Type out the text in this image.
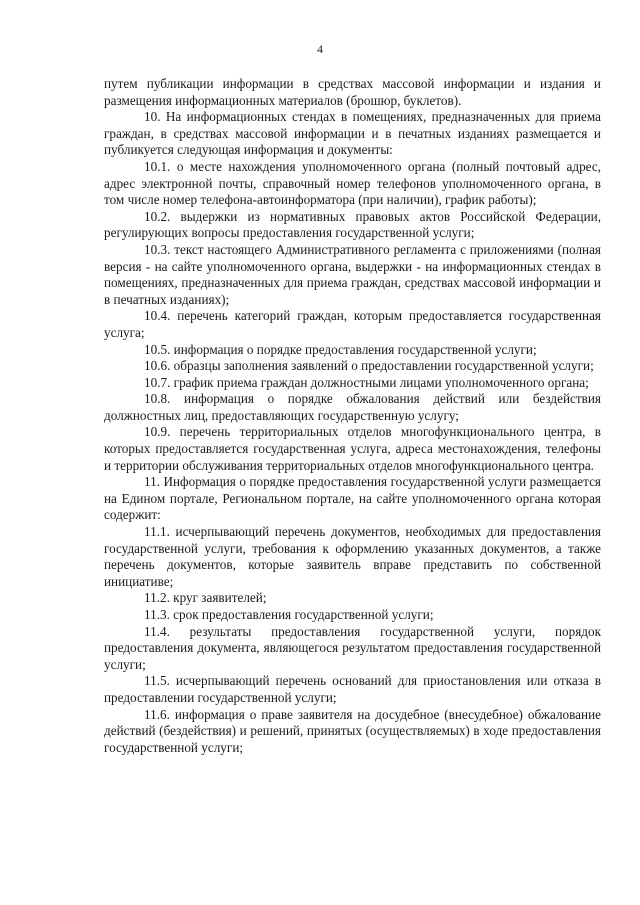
4

путем публикации информации в средствах массовой информации и издания и размещения информационных материалов (брошюр, буклетов).

10. На информационных стендах в помещениях, предназначенных для приема граждан, в средствах массовой информации и в печатных изданиях размещается и публикуется следующая информация и документы:

10.1. о месте нахождения уполномоченного органа (полный почтовый адрес, адрес электронной почты, справочный номер телефонов уполномоченного органа, в том числе номер телефона-автоинформатора (при наличии), график работы);

10.2. выдержки из нормативных правовых актов Российской Федерации, регулирующих вопросы предоставления государственной услуги;

10.3. текст настоящего Административного регламента с приложениями (полная версия - на сайте уполномоченного органа, выдержки - на информационных стендах в помещениях, предназначенных для приема граждан, средствах массовой информации и в печатных изданиях);

10.4. перечень категорий граждан, которым предоставляется государственная услуга;

10.5. информация о порядке предоставления государственной услуги;

10.6. образцы заполнения заявлений о предоставлении государственной услуги;

10.7. график приема граждан должностными лицами уполномоченного органа;

10.8. информация о порядке обжалования действий или бездействия должностных лиц, предоставляющих государственную услугу;

10.9. перечень территориальных отделов многофункционального центра, в которых предоставляется государственная услуга, адреса местонахождения, телефоны и территории обслуживания территориальных отделов многофункционального центра.

11. Информация о порядке предоставления государственной услуги размещается на Едином портале, Региональном портале, на сайте уполномоченного органа которая содержит:

11.1. исчерпывающий перечень документов, необходимых для предоставления государственной услуги, требования к оформлению указанных документов, а также перечень документов, которые заявитель вправе представить по собственной инициативе;

11.2. круг заявителей;

11.3. срок предоставления государственной услуги;

11.4. результаты предоставления государственной услуги, порядок предоставления документа, являющегося результатом предоставления государственной услуги;

11.5. исчерпывающий перечень оснований для приостановления или отказа в предоставлении государственной услуги;

11.6. информация о праве заявителя на досудебное (внесудебное) обжалование действий (бездействия) и решений, принятых (осуществляемых) в ходе предоставления государственной услуги;
